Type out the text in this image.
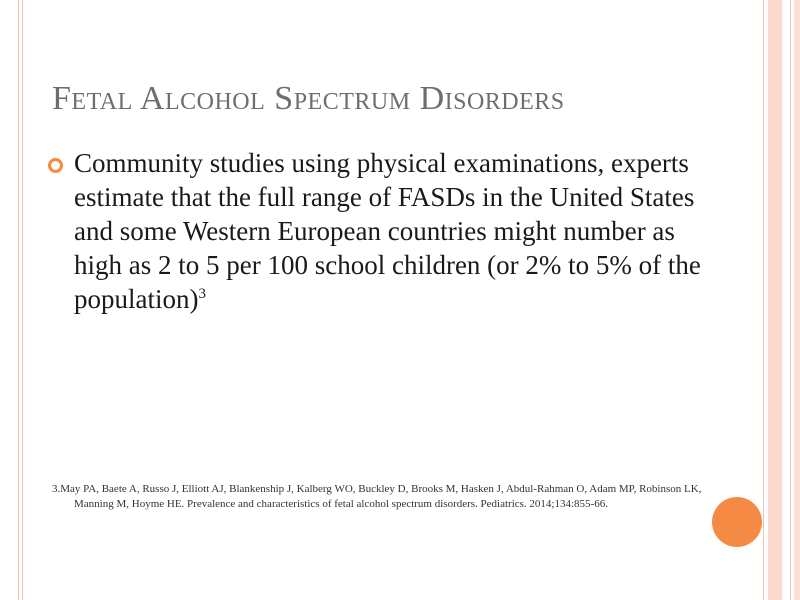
Fetal Alcohol Spectrum Disorders
Community studies using physical examinations, experts estimate that the full range of FASDs in the United States and some Western European countries might number as high as 2 to 5 per 100 school children (or 2% to 5% of the population)$^3$
3.May PA, Baete A, Russo J, Elliott AJ, Blankenship J, Kalberg WO, Buckley D, Brooks M, Hasken J, Abdul-Rahman O, Adam MP, Robinson LK, Manning M, Hoyme HE. Prevalence and characteristics of fetal alcohol spectrum disorders. Pediatrics. 2014;134:855-66.
